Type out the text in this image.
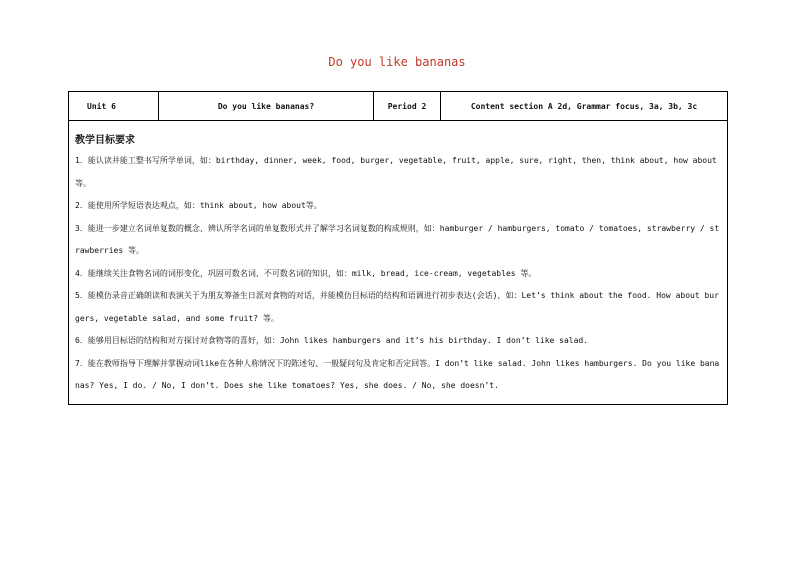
Do you like bananas
Unit 6	Do you like bananas?	Period 2	Content section A 2d, Grammar focus, 3a, 3b, 3c

教学目标要求

1．能认读并能工整书写所学单词，如：birthday, dinner, week, food, burger, vegetable, fruit, apple, sure, right, then, think about, how about 等。

2．能使用所学短语表达观点，如：think about, how about等。

3．能进一步建立名词单复数的概念、辨认所学名词的单复数形式并了解学习名词复数的构成规则，如：hamburger / hamburgers, tomato / tomatoes, strawberry / strawberries 等。

4．能继续关注食物名词的词形变化，巩固可数名词、不可数名词的知识，如：milk, bread, ice-cream, vegetables 等。

5．能模仿录音正确朗读和表演关于为朋友筹备生日派对食物的对话，并能模仿目标语的结构和语调进行初步表达(会话)，如：Let’s think about the food. How about burgers, vegetable salad, and some fruit? 等。

6．能够用目标语的结构和对方探讨对食物等的喜好，如：John likes hamburgers and it’s his birthday. I don’t like salad.

7．能在教师指导下理解并掌握动词like在各种人称情况下的陈述句、一般疑问句及肯定和否定回答。I don’t like salad. John likes hamburgers. Do you like bananas? Yes, I do. / No, I don’t. Does she like tomatoes? Yes, she does. / No, she doesn’t.
